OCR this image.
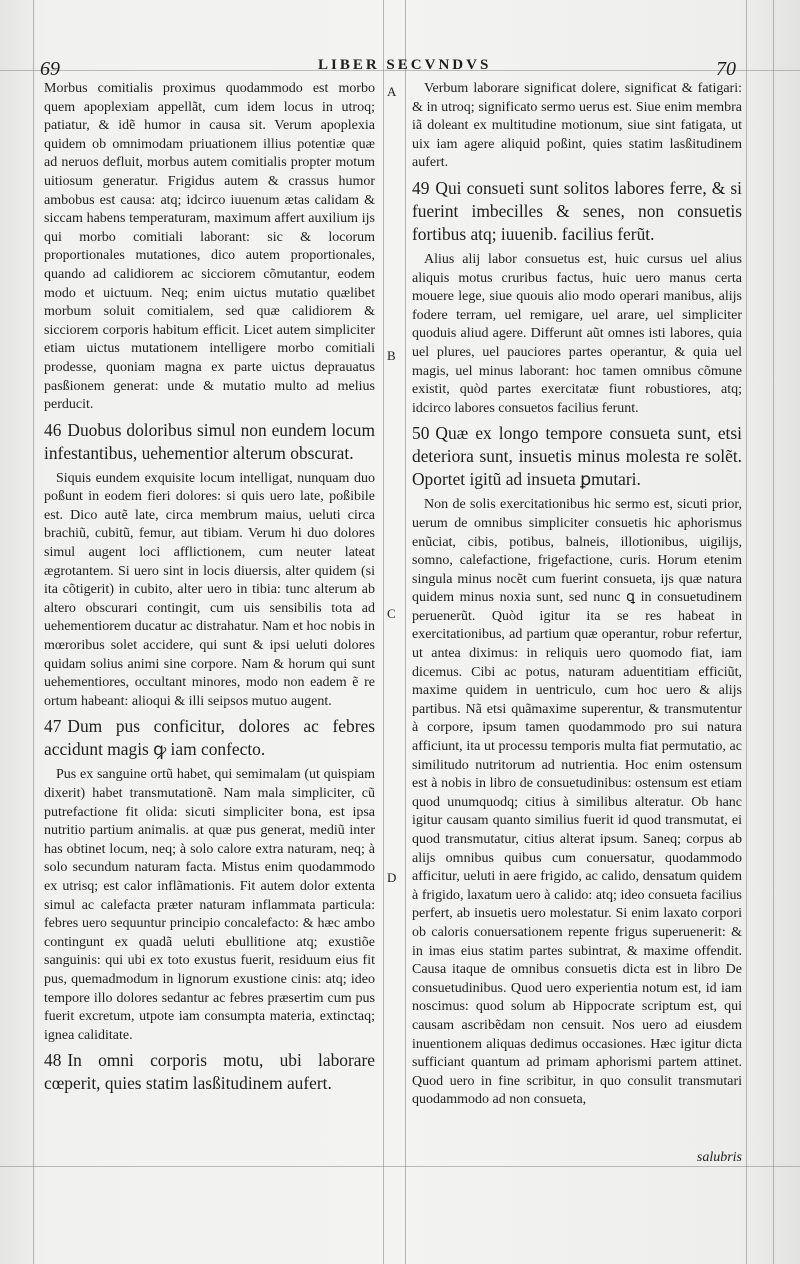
69	LIBER SECVNDVS	70
A
B
C
D

Morbus comitialis proximus quodammodo est morbo quem apoplexiam appellãt, cum idem locus in utroq; patiatur, & idẽ humor in causa sit. Verum apoplexia quidem ob omnimodam priuationem illius potentiæ quæ ad neruos defluit, morbus autem comitialis propter motum uitiosum generatur. Frigidus autem & crassus humor ambobus est causa: atq; idcirco iuuenum ætas calidam & siccam habens temperaturam, maximum affert auxilium ijs qui morbo comitiali laborant: sic & locorum proportionales mutationes, dico autem proportionales, quando ad calidiorem ac sicciorem cõmutantur, eodem modo et uictuum. Neq; enim uictus mutatio quælibet morbum soluit comitialem, sed quæ calidiorem & sicciorem corporis habitum efficit. Licet autem simpliciter etiam uictus mutationem intelligere morbo comitiali prodesse, quoniam magna ex parte uictus deprauatus pasßionem generat: unde & mutatio multo ad melius perducit.

46 Duobus doloribus simul non eundem locum infestantibus, uehementior alterum obscurat.

Siquis eundem exquisite locum intelligat, nunquam duo poßunt in eodem fieri dolores: si quis uero late, poßibile est. Dico autẽ late, circa membrum maius, ueluti circa brachiũ, cubitũ, femur, aut tibiam. Verum hi duo dolores simul augent loci afflictionem, cum neuter lateat ægrotantem. Si uero sint in locis diuersis, alter quidem (si ita cõtigerit) in cubito, alter uero in tibia: tunc alterum ab altero obscurari contingit, cum uis sensibilis tota ad uehementiorem ducatur ac distrahatur. Nam et hoc nobis in mœroribus solet accidere, qui sunt & ipsi ueluti dolores quidam solius animi sine corpore. Nam & horum qui sunt uehementiores, occultant minores, modo non eadem ẽ re ortum habeant: alioqui & illi seipsos mutuo augent.

47 Dum pus conficitur, dolores ac febres accidunt magis ꝙ iam confecto.

Pus ex sanguine ortũ habet, qui semimalam (ut quispiam dixerit) habet transmutationẽ. Nam mala simpliciter, cũ putrefactione fit olida: sicuti simpliciter bona, est ipsa nutritio partium animalis. at quæ pus generat, mediũ inter has obtinet locum, neq; à solo calore extra naturam, neq; à solo secundum naturam facta. Mistus enim quodammodo ex utrisq; est calor inflãmationis. Fit autem dolor extenta simul ac calefacta præter naturam inflammata particula: febres uero sequuntur principio concalefacto: & hæc ambo contingunt ex quadã ueluti ebullitione atq; exustiõe sanguinis: qui ubi ex toto exustus fuerit, residuum eius fit pus, quemadmodum in lignorum exustione cinis: atq; ideo tempore illo dolores sedantur ac febres præsertim cum pus fuerit excretum, utpote iam consumpta materia, extinctaq; ignea caliditate.

48 In omni corporis motu, ubi laborare cœperit, quies statim lasßitudinem aufert.

Verbum laborare significat dolere, significat & fatigari: & in utroq; significato sermo uerus est. Siue enim membra iã doleant ex multitudine motionum, siue sint fatigata, ut uix iam agere aliquid poßint, quies statim lasßitudinem aufert.

49 Qui consueti sunt solitos labores ferre, & si fuerint imbecilles & senes, non consuetis fortibus atq; iuuenib. facilius ferũt.

Alius alij labor consuetus est, huic cursus uel alius aliquis motus cruribus factus, huic uero manus certa mouere lege, siue quouis alio modo operari manibus, alijs fodere terram, uel remigare, uel arare, uel simpliciter quoduis aliud agere. Differunt aũt omnes isti labores, quia uel plures, uel pauciores partes operantur, & quia uel magis, uel minus laborant: hoc tamen omnibus cõmune existit, quòd partes exercitatæ fiunt robustiores, atq; idcirco labores consuetos facilius ferunt.

50 Quæ ex longo tempore consueta sunt, etsi deteriora sunt, insuetis minus molesta re solẽt. Oportet igitũ ad insueta ꝑmutari.

Non de solis exercitationibus hic sermo est, sicuti prior, uerum de omnibus simpliciter consuetis hic aphorismus enũciat, cibis, potibus, balneis, illotionibus, uigilijs, somno, calefactione, frigefactione, curis. Horum etenim singula minus nocẽt cum fuerint consueta, ijs quæ natura quidem minus noxia sunt, sed nunc ꝗ in consuetudinem peruenerũt. Quòd igitur ita se res habeat in exercitationibus, ad partium quæ operantur, robur refertur, ut antea diximus: in reliquis uero quomodo fiat, iam dicemus. Cibi ac potus, naturam aduentitiam efficiũt, maxime quidem in uentriculo, cum hoc uero & alijs partibus. Nã etsi quãmaxime superentur, & transmutentur à corpore, ipsum tamen quodammodo pro sui natura afficiunt, ita ut processu temporis multa fiat permutatio, ac similitudo nutritorum ad nutrientia. Hoc enim ostensum est à nobis in libro de consuetudinibus: ostensum est etiam quod unumquodq; citius à similibus alteratur. Ob hanc igitur causam quanto similius fuerit id quod transmutat, ei quod transmutatur, citius alterat ipsum. Saneq; corpus ab alijs omnibus quibus cum conuersatur, quodammodo afficitur, ueluti in aere frigido, ac calido, densatum quidem à frigido, laxatum uero à calido: atq; ideo consueta facilius perfert, ab insuetis uero molestatur. Si enim laxato corpori ob caloris conuersationem repente frigus superuenerit: & in imas eius statim partes subintrat, & maxime offendit. Causa itaque de omnibus consuetis dicta est in libro De consuetudinibus. Quod uero experientia notum est, id iam noscimus: quod solum ab Hippocrate scriptum est, qui causam ascribẽdam non censuit. Nos uero ad eiusdem inuentionem aliquas dedimus occasiones. Hæc igitur dicta sufficiant quantum ad primam aphorismi partem attinet. Quod uero in fine scribitur, in quo consulit transmutari quodammodo ad non consueta,

salubris
